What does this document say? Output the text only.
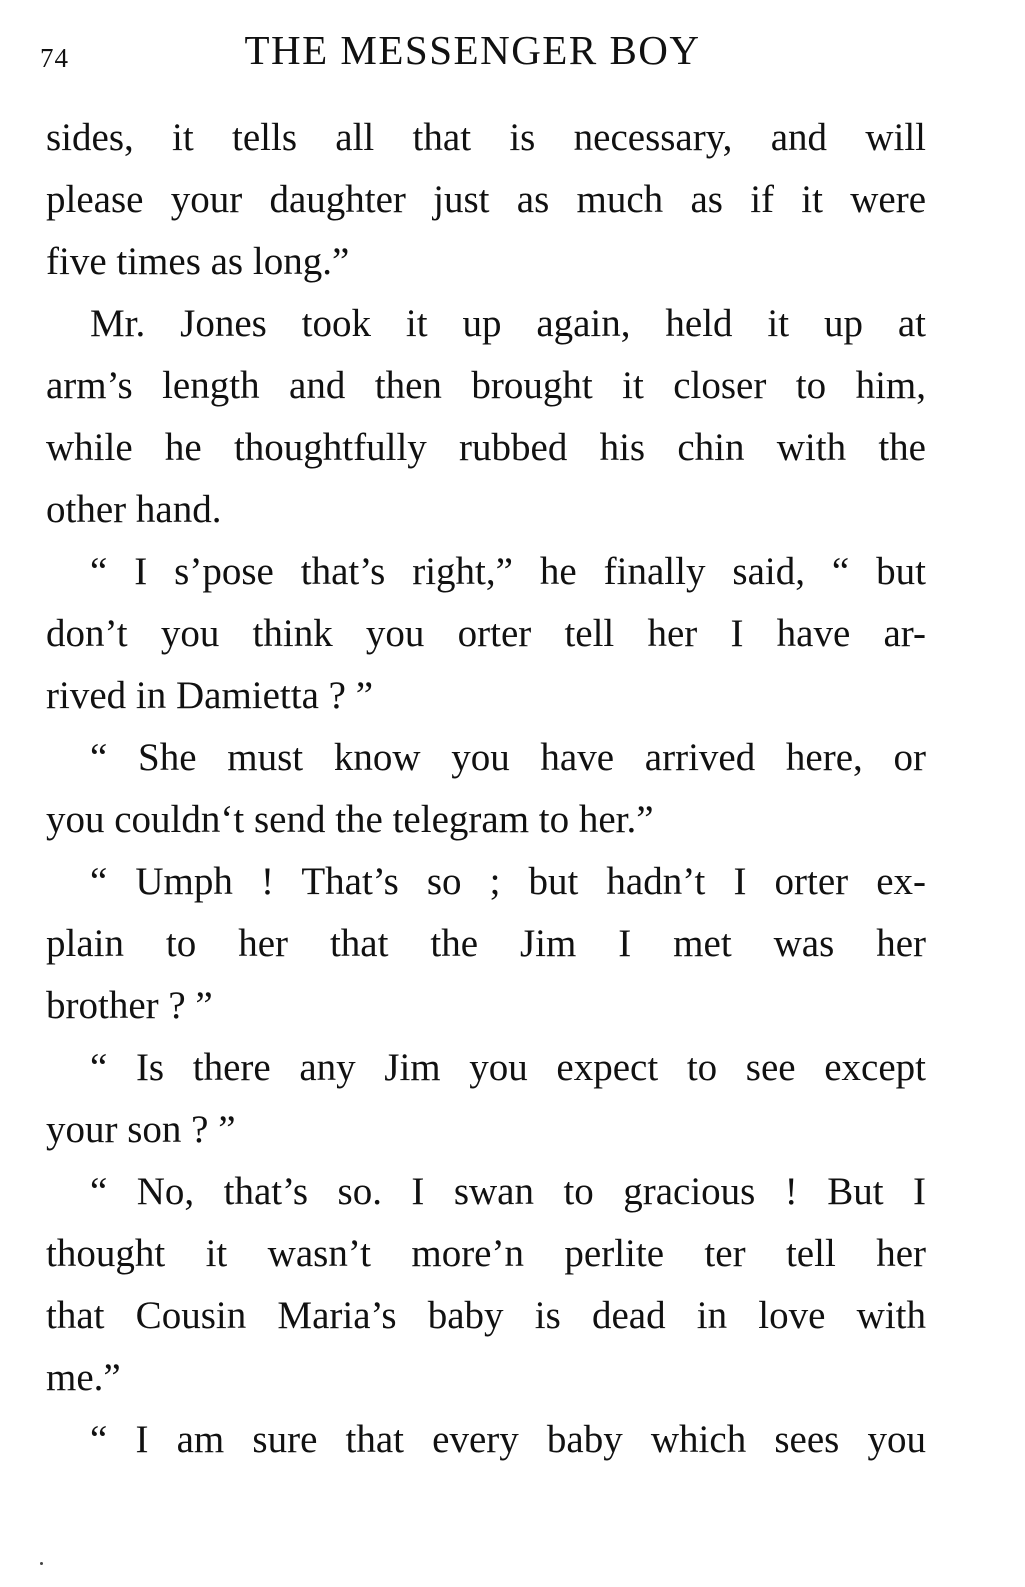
74	THE MESSENGER BOY
sides, it tells all that is necessary, and will
please your daughter just as much as if it were
five times as long.”
Mr. Jones took it up again, held it up at
arm’s length and then brought it closer to him,
while he thoughtfully rubbed his chin with the
other hand.
“ I s’pose that’s right,” he finally said, “ but
don’t you think you orter tell her I have ar-
rived in Damietta ? ”
“ She must know you have arrived here, or
you couldn‘t send the telegram to her.”
“ Umph ! That’s so ; but hadn’t I orter ex-
plain to her that the Jim I met was her
brother ? ”
“ Is there any Jim you expect to see except
your son ? ”
“ No, that’s so. I swan to gracious ! But I
thought it wasn’t more’n perlite ter tell her
that Cousin Maria’s baby is dead in love with
me.”
“ I am sure that every baby which sees you
